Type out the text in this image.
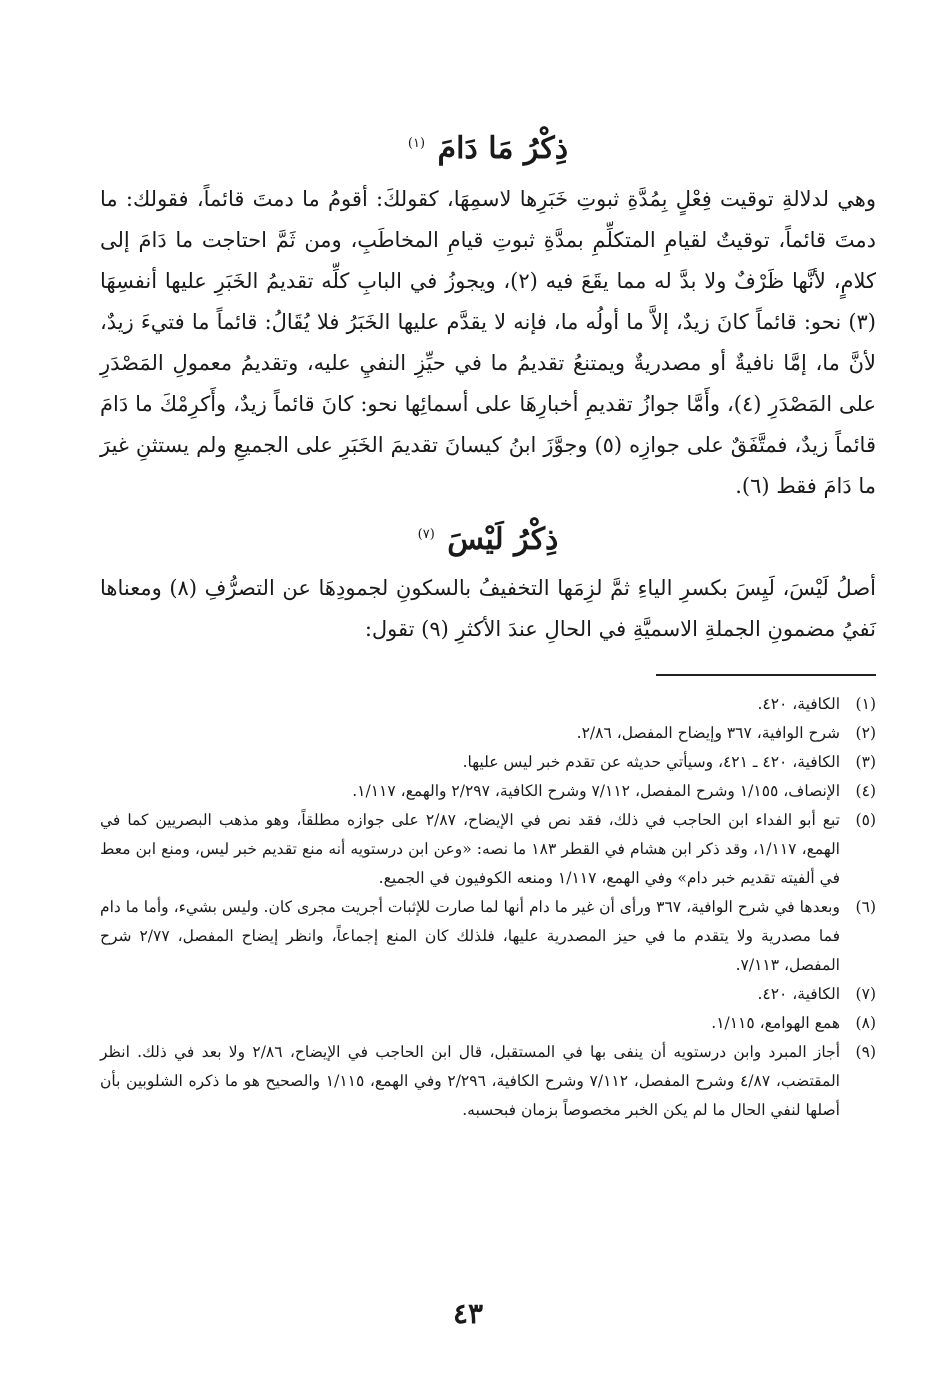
ذِكْرُ مَا دَامَ $^{(١)}$

وهي لدلالةِ توقيت فِعْلٍ بِمُدَّةِ ثبوتِ خَبَرِها لاسمِهَا، كقولكَ: أقومُ ما دمتَ قائماً، فقولك: ما دمتَ قائماً، توقيتٌ لقيامِ المتكلِّمِ بمدَّةِ ثبوتِ قيامِ المخاطَبِ، ومن ثَمَّ احتاجت ما دَامَ إلى كلامٍ، لأنَّها ظَرْفٌ ولا بدَّ له مما يقَعَ فيه (٢)، ويجوزُ في البابِ كلِّه تقديمُ الخَبَرِ عليها أنفسِهَا (٣) نحو: قائماً كانَ زيدٌ، إلاَّ ما أولُه ما، فإنه لا يقدَّم عليها الخَبَرُ فلا يُقَالُ: قائماً ما فتيءَ زيدٌ، لأنَّ ما، إمَّا نافيةٌ أو مصدريةٌ ويمتنعُ تقديمُ ما في حيِّزِ النفيِ عليه، وتقديمُ معمولِ المَصْدَرِ على المَصْدَرِ (٤)، وأَمَّا جوازُ تقديمِ أخبارِهَا على أسمائِها نحو: كانَ قائماً زيدٌ، وأَكرِمْكَ ما دَامَ قائماً زيدٌ، فمتَّفَقٌ على جوازِه (٥) وجوَّزَ ابنُ كيسانَ تقديمَ الخَبَرِ على الجميعِ ولم يستثنِ غيرَ ما دَامَ فقط (٦).

ذِكْرُ لَيْسَ $^{(٧)}$

أصلُ لَيْسَ، لَيِسَ بكسرِ الياءِ ثمَّ لزِمَها التخفيفُ بالسكونِ لجمودِهَا عن التصرُّفِ (٨) ومعناها نَفيُ مضمونِ الجملةِ الاسميَّةِ في الحالِ عندَ الأكثرِ (٩) تقول:

(١)
الكافية، ٤٢٠.
(٢)
شرح الوافية، ٣٦٧ وإيضاح المفصل، ٢/٨٦.
(٣)
الكافية، ٤٢٠ ـ ٤٢١، وسيأتي حديثه عن تقدم خبر ليس عليها.
(٤)
الإنصاف، ١/١٥٥ وشرح المفصل، ٧/١١٢ وشرح الكافية، ٢/٢٩٧ والهمع، ١/١١٧.
(٥)
تبع أبو الفداء ابن الحاجب في ذلك، فقد نص في الإيضاح، ٢/٨٧ على جوازه مطلقاً، وهو مذهب البصريين كما في الهمع، ١/١١٧، وقد ذكر ابن هشام في القطر ١٨٣ ما نصه: «وعن ابن درستويه أنه منع تقديم خبر ليس، ومنع ابن معط في ألفيته تقديم خبر دام» وفي الهمع، ١/١١٧ ومنعه الكوفيون في الجميع.
(٦)
وبعدها في شرح الوافية، ٣٦٧ ورأى أن غير ما دام أنها لما صارت للإثبات أجريت مجرى كان. وليس بشيء، وأما ما دام فما مصدرية ولا يتقدم ما في حيز المصدرية عليها، فلذلك كان المنع إجماعاً، وانظر إيضاح المفصل، ٢/٧٧ شرح المفصل، ٧/١١٣.
(٧)
الكافية، ٤٢٠.
(٨)
همع الهوامع، ١/١١٥.
(٩)
أجاز المبرد وابن درستويه أن ينفى بها في المستقبل، قال ابن الحاجب في الإيضاح، ٢/٨٦ ولا بعد في ذلك. انظر المقتضب، ٤/٨٧ وشرح المفصل، ٧/١١٢ وشرح الكافية، ٢/٢٩٦ وفي الهمع، ١/١١٥ والصحيح هو ما ذكره الشلوبين بأن أصلها لنفي الحال ما لم يكن الخبر مخصوصاً بزمان فبحسبه.
٤٣
